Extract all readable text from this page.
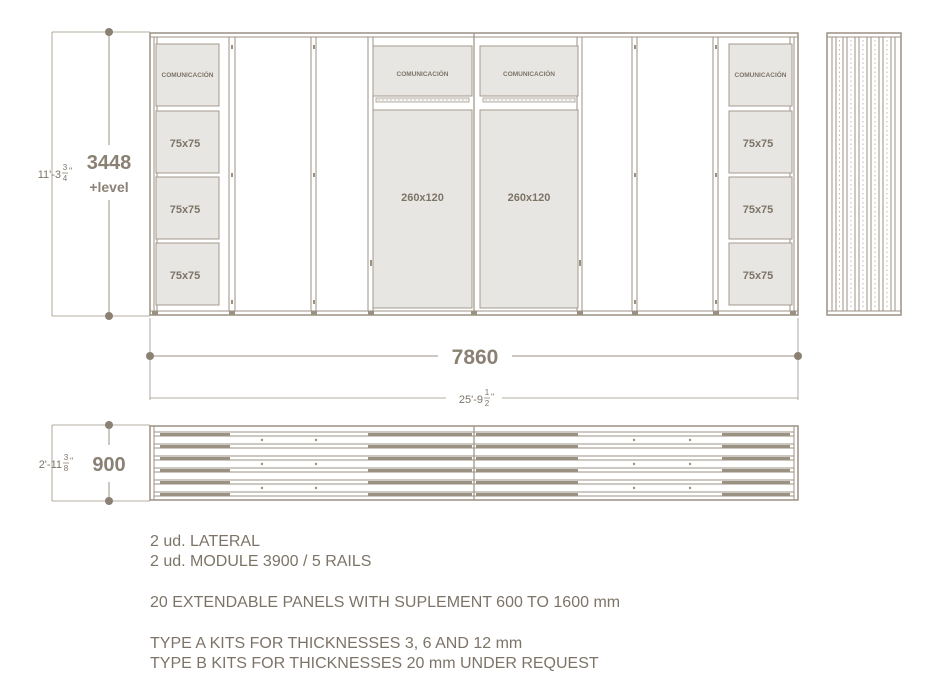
COMUNICACIÓN
75x75
75x75
75x75
COMUNICACIÓN
260x120
COMUNICACIÓN
260x120
COMUNICACIÓN
75x75
75x75
75x75
3448
+level
11'-3
3
4
"
7860
25'-9
1
2
"
900
2'-11
3
8
"
2 ud. LATERAL
2 ud. MODULE 3900 / 5 RAILS
20 EXTENDABLE PANELS WITH SUPLEMENT 600 TO 1600 mm
TYPE A KITS FOR THICKNESSES 3, 6 AND 12 mm
TYPE B KITS FOR THICKNESSES 20 mm UNDER REQUEST
